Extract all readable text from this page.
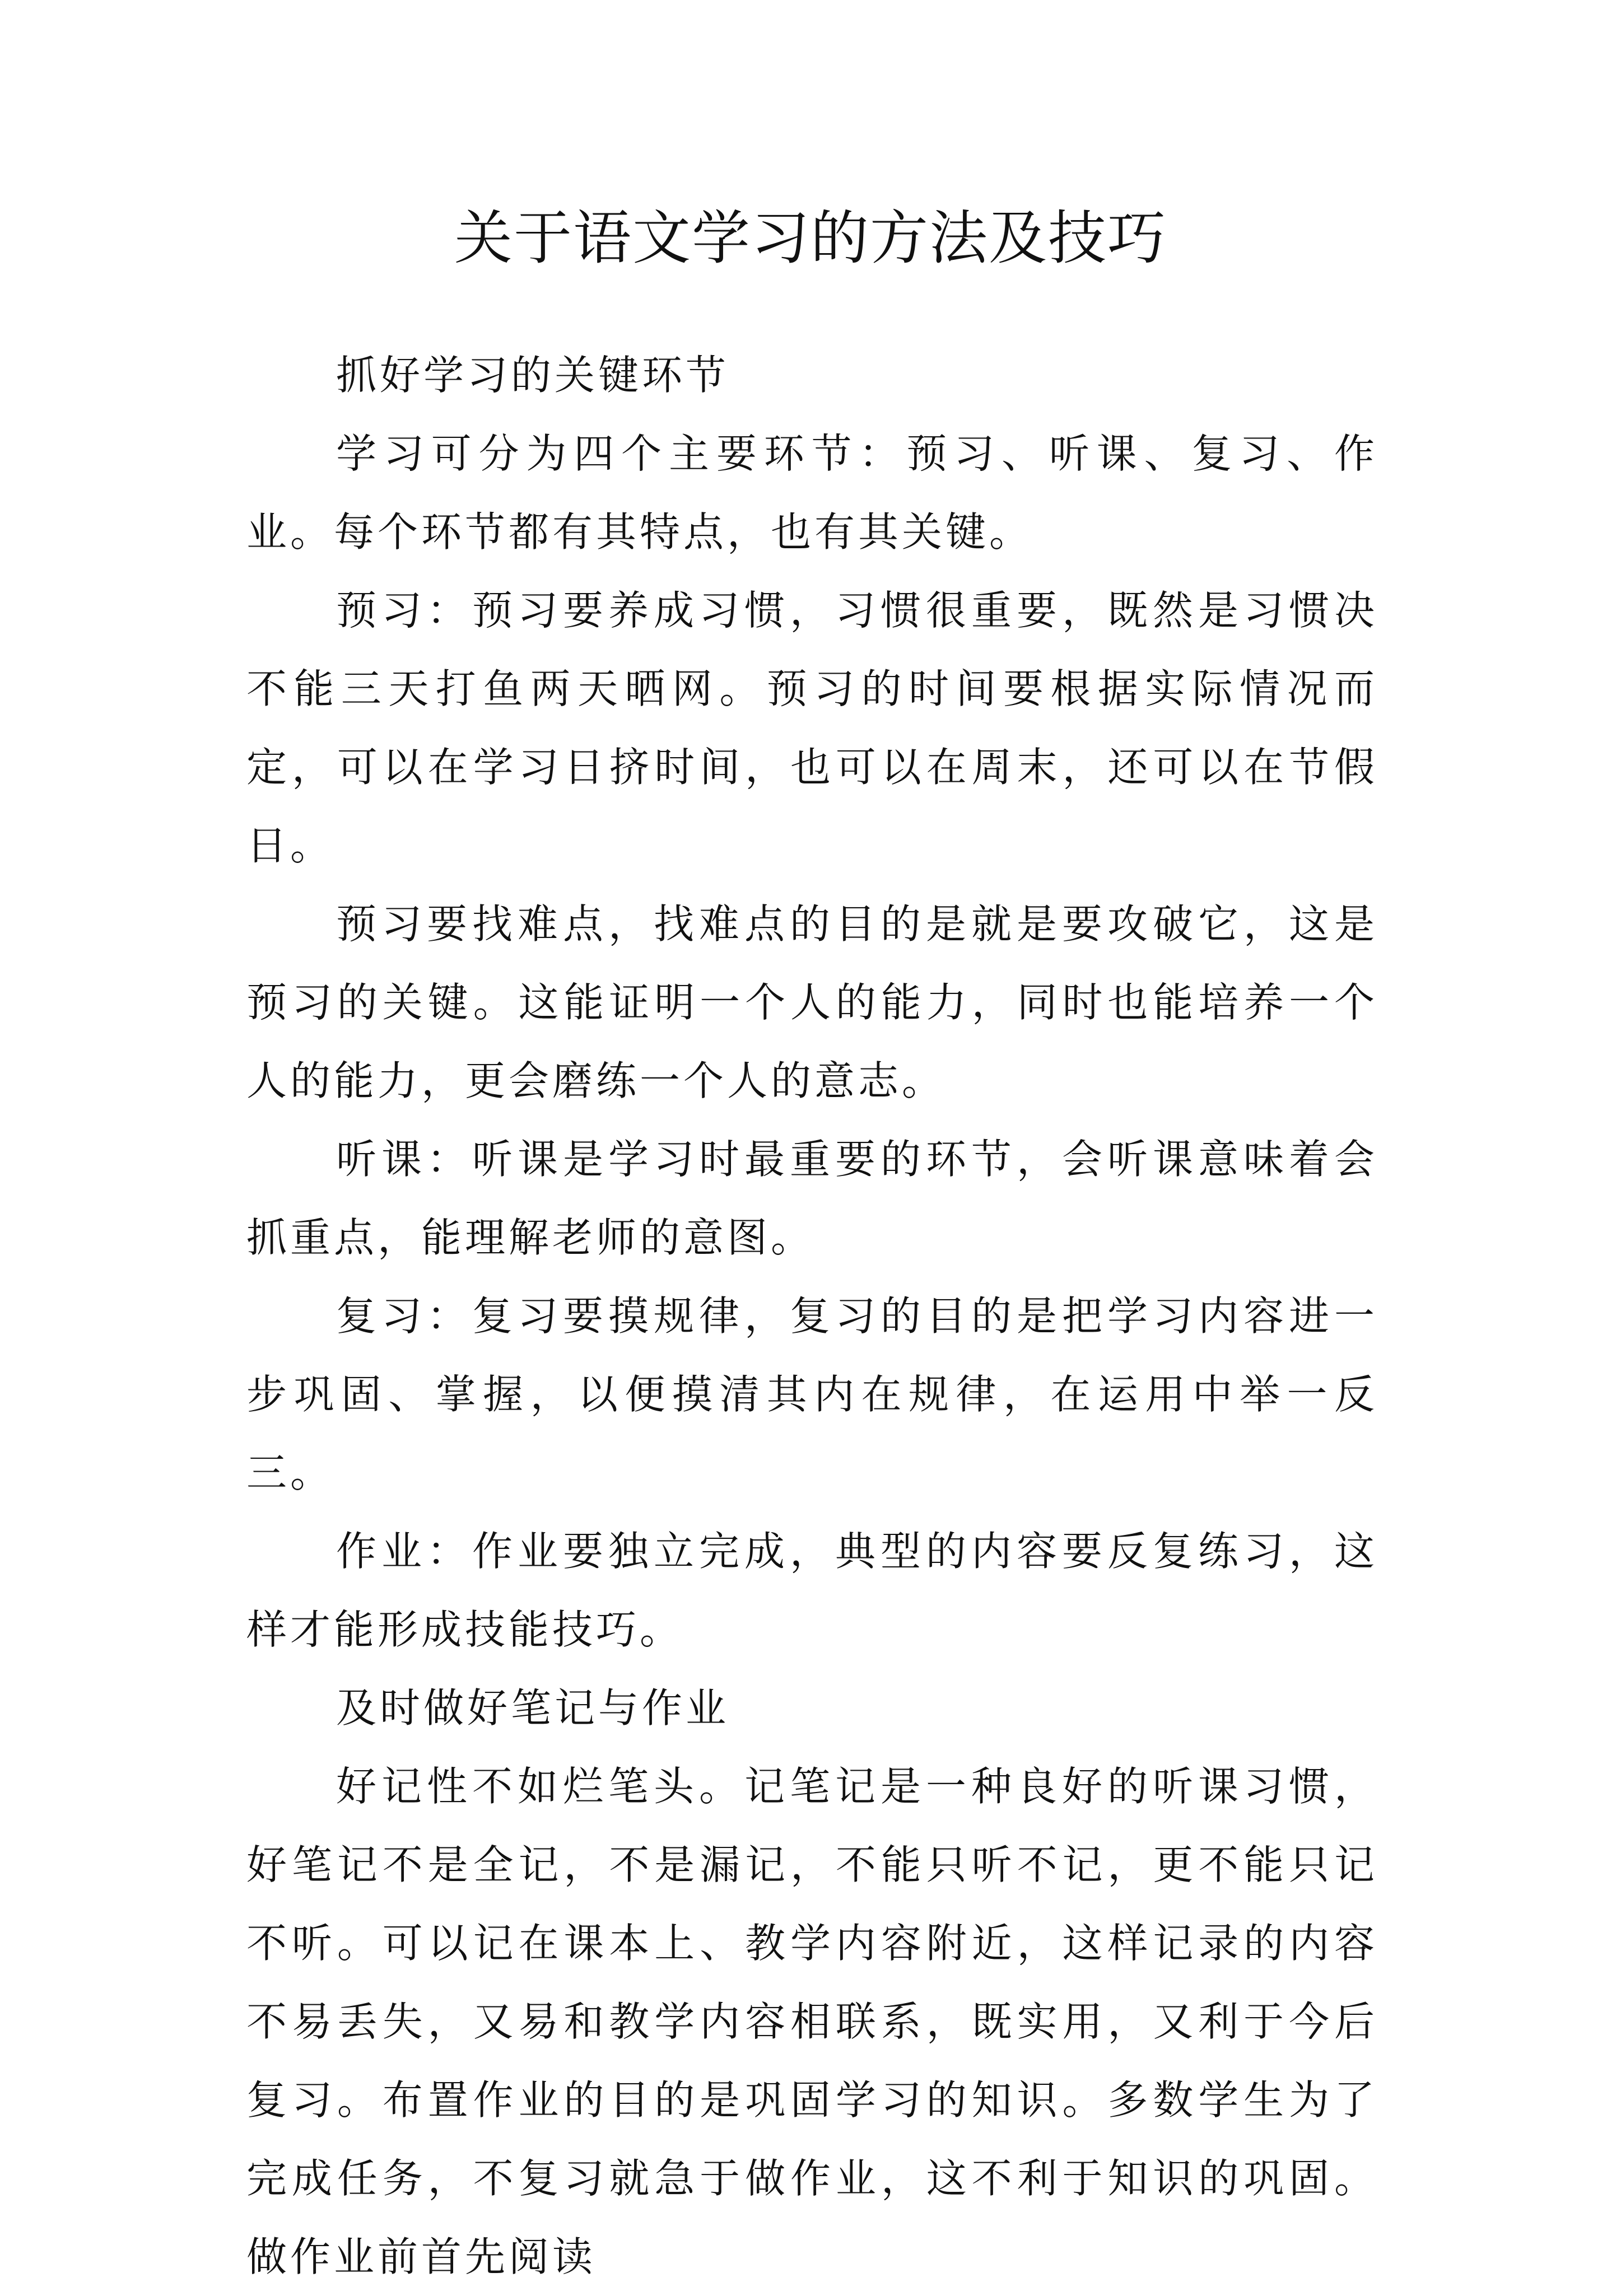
关于语文学习的方法及技巧

抓好学习的关键环节

学习可分为四个主要环节：预习、听课、复习、作业。每个环节都有其特点，也有其关键。

预习：预习要养成习惯，习惯很重要，既然是习惯决不能三天打鱼两天晒网。预习的时间要根据实际情况而定，可以在学习日挤时间，也可以在周末，还可以在节假日。

预习要找难点，找难点的目的是就是要攻破它，这是预习的关键。这能证明一个人的能力，同时也能培养一个人的能力，更会磨练一个人的意志。

听课：听课是学习时最重要的环节，会听课意味着会抓重点，能理解老师的意图。

复习：复习要摸规律，复习的目的是把学习内容进一步巩固、掌握，以便摸清其内在规律，在运用中举一反三。

作业：作业要独立完成，典型的内容要反复练习，这样才能形成技能技巧。

及时做好笔记与作业

好记性不如烂笔头。记笔记是一种良好的听课习惯，好笔记不是全记，不是漏记，不能只听不记，更不能只记不听。可以记在课本上、教学内容附近，这样记录的内容不易丢失，又易和教学内容相联系，既实用，又利于今后复习。布置作业的目的是巩固学习的知识。多数学生为了完成任务，不复习就急于做作业，这不利于知识的巩固。做作业前首先阅读
